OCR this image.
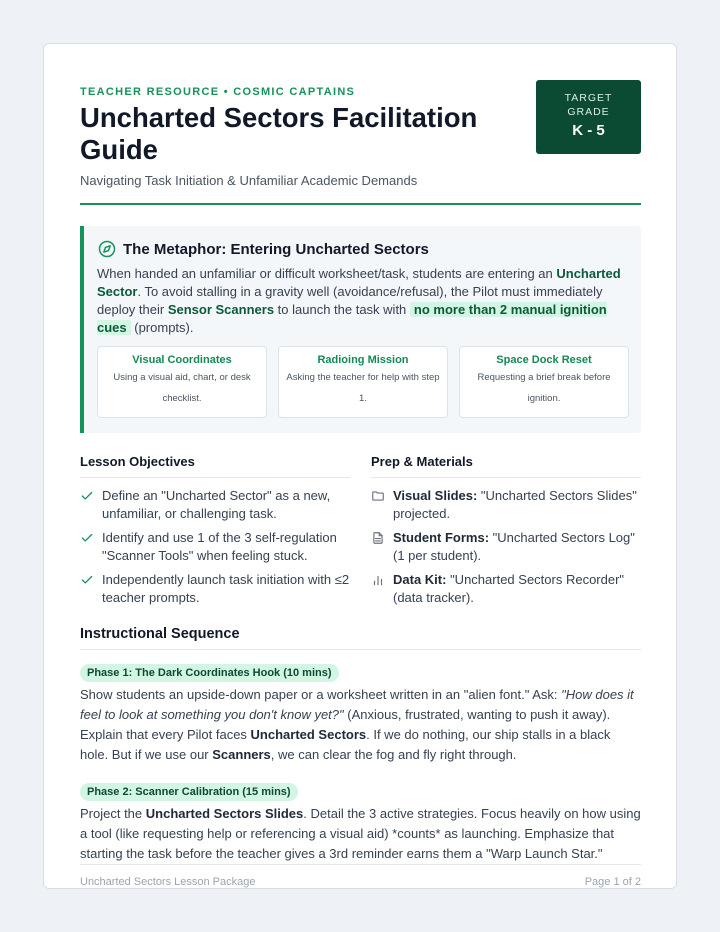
TEACHER RESOURCE • COSMIC CAPTAINS
Uncharted Sectors Facilitation Guide
Navigating Task Initiation & Unfamiliar Academic Demands
TARGET
GRADE
K - 5
The Metaphor: Entering Uncharted Sectors
When handed an unfamiliar or difficult worksheet/task, students are entering an Uncharted Sector. To avoid stalling in a gravity well (avoidance/refusal), the Pilot must immediately deploy their Sensor Scanners to launch the task with no more than 2 manual ignition cues (prompts).
Visual Coordinates
Using a visual aid, chart, or desk checklist.
Radioing Mission
Asking the teacher for help with step 1.
Space Dock Reset
Requesting a brief break before ignition.
Lesson Objectives
Define an "Uncharted Sector" as a new, unfamiliar, or challenging task.
Identify and use 1 of the 3 self-regulation "Scanner Tools" when feeling stuck.
Independently launch task initiation with ≤2 teacher prompts.
Prep & Materials
Visual Slides: "Uncharted Sectors Slides" projected.
Student Forms: "Uncharted Sectors Log" (1 per student).
Data Kit: "Uncharted Sectors Recorder" (data tracker).
Instructional Sequence
Phase 1: The Dark Coordinates Hook (10 mins)
Show students an upside-down paper or a worksheet written in an "alien font." Ask: "How does it feel to look at something you don't know yet?" (Anxious, frustrated, wanting to push it away). Explain that every Pilot faces Uncharted Sectors. If we do nothing, our ship stalls in a black hole. But if we use our Scanners, we can clear the fog and fly right through.
Phase 2: Scanner Calibration (15 mins)
Project the Uncharted Sectors Slides. Detail the 3 active strategies. Focus heavily on how using a tool (like requesting help or referencing a visual aid) *counts* as launching. Emphasize that starting the task before the teacher gives a 3rd reminder earns them a "Warp Launch Star."
Uncharted Sectors Lesson Package	Page 1 of 2
